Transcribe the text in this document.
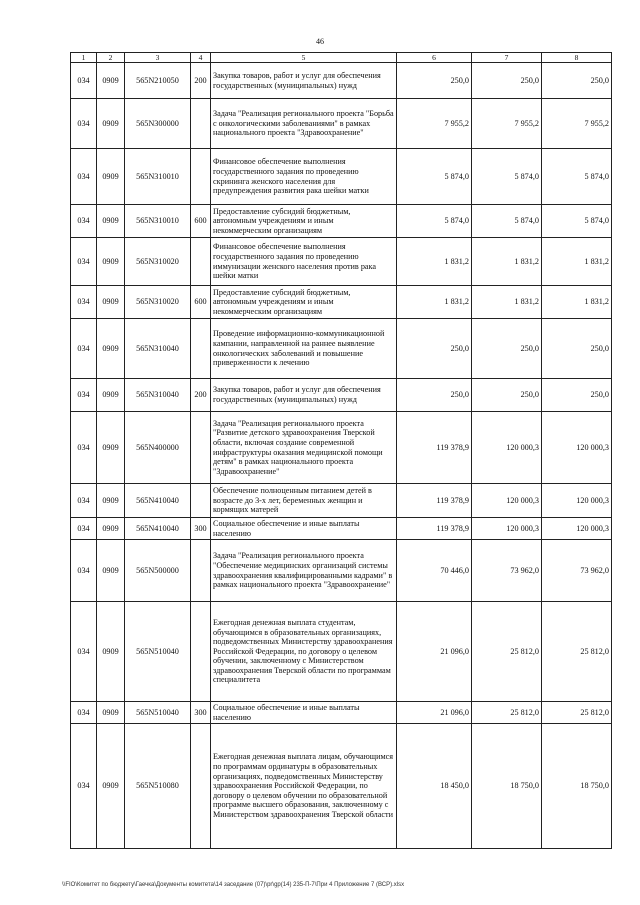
46
1	2	3	4	5	6	7	8
034	0909	565N210050	200	Закупка товаров, работ и услуг для обеспечения государственных (муниципальных) нужд	250,0	250,0	250,0
034	0909	565N300000		Задача "Реализация регионального проекта "Борьба с онкологическими заболеваниями" в рамках национального проекта "Здравоохранение"	7 955,2	7 955,2	7 955,2
034	0909	565N310010		Финансовое обеспечение выполнения государственного задания по проведению скрининга женского населения для предупреждения развития рака шейки матки	5 874,0	5 874,0	5 874,0
034	0909	565N310010	600	Предоставление субсидий бюджетным, автономным учреждениям и иным некоммерческим организациям	5 874,0	5 874,0	5 874,0
034	0909	565N310020		Финансовое обеспечение выполнения государственного задания по проведению иммунизации женского населения против рака шейки матки	1 831,2	1 831,2	1 831,2
034	0909	565N310020	600	Предоставление субсидий бюджетным, автономным учреждениям и иным некоммерческим организациям	1 831,2	1 831,2	1 831,2
034	0909	565N310040		Проведение информационно-коммуникационной кампании, направленной на раннее выявление онкологических заболеваний и повышение приверженности к лечению	250,0	250,0	250,0
034	0909	565N310040	200	Закупка товаров, работ и услуг для обеспечения государственных (муниципальных) нужд	250,0	250,0	250,0
034	0909	565N400000		Задача "Реализация регионального проекта "Развитие детского здравоохранения Тверской области, включая создание современной инфраструктуры оказания медицинской помощи детям" в рамках национального проекта "Здравоохранение"	119 378,9	120 000,3	120 000,3
034	0909	565N410040		Обеспечение полноценным питанием детей в возрасте до 3-х лет, беременных женщин и кормящих матерей	119 378,9	120 000,3	120 000,3
034	0909	565N410040	300	Социальное обеспечение и иные выплаты населению	119 378,9	120 000,3	120 000,3
034	0909	565N500000		Задача "Реализация регионального проекта "Обеспечение медицинских организаций системы здравоохранения квалифицированными кадрами" в рамках национального проекта "Здравоохранение"	70 446,0	73 962,0	73 962,0
034	0909	565N510040		Ежегодная денежная выплата студентам, обучающимся в образовательных организациях, подведомственных Министерству здравоохранения Российской Федерации, по договору о целевом обучении, заключенному с Министерством здравоохранения Тверской области по программам специалитета	21 096,0	25 812,0	25 812,0
034	0909	565N510040	300	Социальное обеспечение и иные выплаты населению	21 096,0	25 812,0	25 812,0
034	0909	565N510080		Ежегодная денежная выплата лицам, обучающимся по программам ординатуры в образовательных организациях, подведомственных Министерству здравоохранения Российской Федерации, по договору о целевом обучении по образовательной программе высшего образования, заключенному с Министерством здравоохранения Тверской области	18 450,0	18 750,0	18 750,0
\\FIO\Комитет по бюджету\Гаечка\Документы комитета\14 заседание (07)\pr\gp(14) 235-П-7\При 4 Приложение 7 (ВСР).xlsx
